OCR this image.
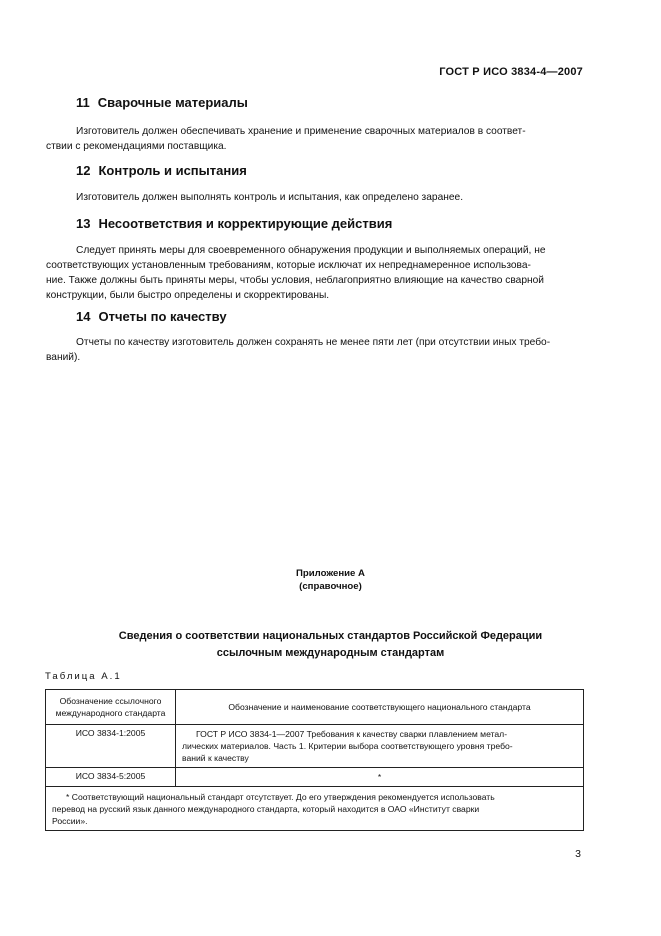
ГОСТ Р ИСО 3834-4—2007
11 Сварочные материалы
Изготовитель должен обеспечивать хранение и применение сварочных материалов в соответ-
ствии с рекомендациями поставщика.
12 Контроль и испытания
Изготовитель должен выполнять контроль и испытания, как определено заранее.
13 Несоответствия и корректирующие действия
Следует принять меры для своевременного обнаружения продукции и выполняемых операций, не
соответствующих установленным требованиям, которые исключат их непреднамеренное использова-
ние. Также должны быть приняты меры, чтобы условия, неблагоприятно влияющие на качество сварной
конструкции, были быстро определены и скорректированы.
14 Отчеты по качеству
Отчеты по качеству изготовитель должен сохранять не менее пяти лет (при отсутствии иных требо-
ваний).
Приложение А
(справочное)
Сведения о соответствии национальных стандартов Российской Федерации
ссылочным международным стандартам
Таблица А.1
Обозначение ссылочного
международного стандарта	Обозначение и наименование соответствующего национального стандарта
ИСО 3834-1:2005	ГОСТ Р ИСО 3834-1—2007 Требования к качеству сварки плавлением метал-
лических материалов. Часть 1. Критерии выбора соответствующего уровня требо-
ваний к качеству

ИСО 3834-5:2005	*

* Соответствующий национальный стандарт отсутствует. До его утверждения рекомендуется использовать
перевод на русский язык данного международного стандарта, который находится в ОАО «Институт сварки
России».	
3
